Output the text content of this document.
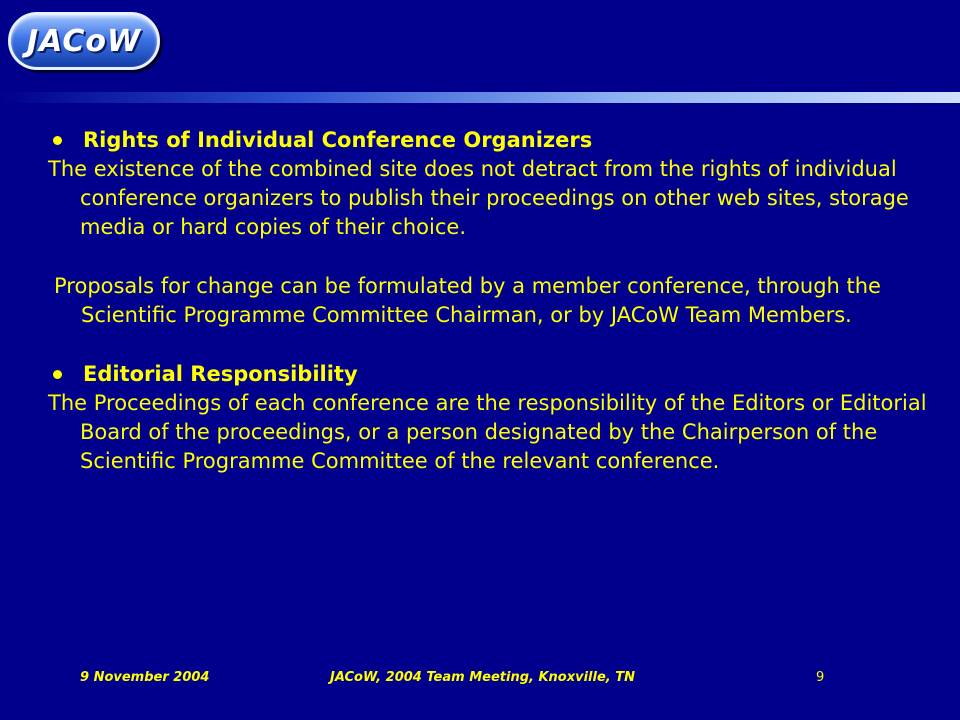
JACoW

Rights of Individual Conference Organizers

The existence of the combined site does not detract from the rights of individual conference organizers to publish their proceedings on other web sites, storage media or hard copies of their choice.

Proposals for change can be formulated by a member conference, through the Scientific Programme Committee Chairman, or by JACoW Team Members.

Editorial Responsibility

The Proceedings of each conference are the responsibility of the Editors or Editorial Board of the proceedings, or a person designated by the Chairperson of the Scientific Programme Committee of the relevant conference.

9 November 2004	JACoW, 2004 Team Meeting, Knoxville, TN	9
